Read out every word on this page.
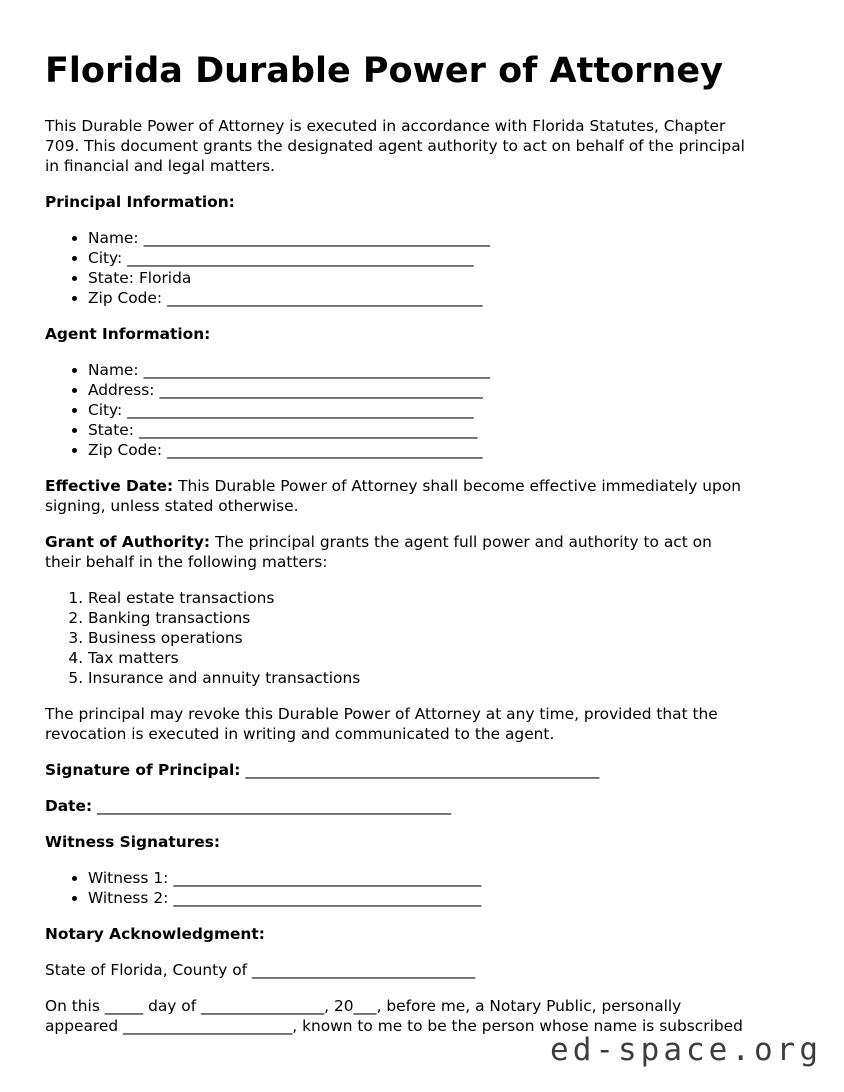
Florida Durable Power of Attorney

This Durable Power of Attorney is executed in accordance with Florida Statutes, Chapter
709. This document grants the designated agent authority to act on behalf of the principal
in financial and legal matters.

Principal Information:
• Name: _____________________________________________
• City: _____________________________________________
• State: Florida
• Zip Code: _________________________________________
Agent Information:
• Name: _____________________________________________
• Address: __________________________________________
• City: _____________________________________________
• State: ____________________________________________
• Zip Code: _________________________________________

Effective Date: This Durable Power of Attorney shall become effective immediately upon
signing, unless stated otherwise.

Grant of Authority: The principal grants the agent full power and authority to act on
their behalf in the following matters:

1. Real estate transactions
2. Banking transactions
3. Business operations
4. Tax matters
5. Insurance and annuity transactions

The principal may revoke this Durable Power of Attorney at any time, provided that the
revocation is executed in writing and communicated to the agent.

Signature of Principal: ______________________________________________

Date: ______________________________________________

Witness Signatures:
• Witness 1: ________________________________________
• Witness 2: ________________________________________
Notary Acknowledgment:

State of Florida, County of _____________________________

On this _____ day of ________________, 20___, before me, a Notary Public, personally
appeared ______________________, known to me to be the person whose name is subscribed

ed-space.org
